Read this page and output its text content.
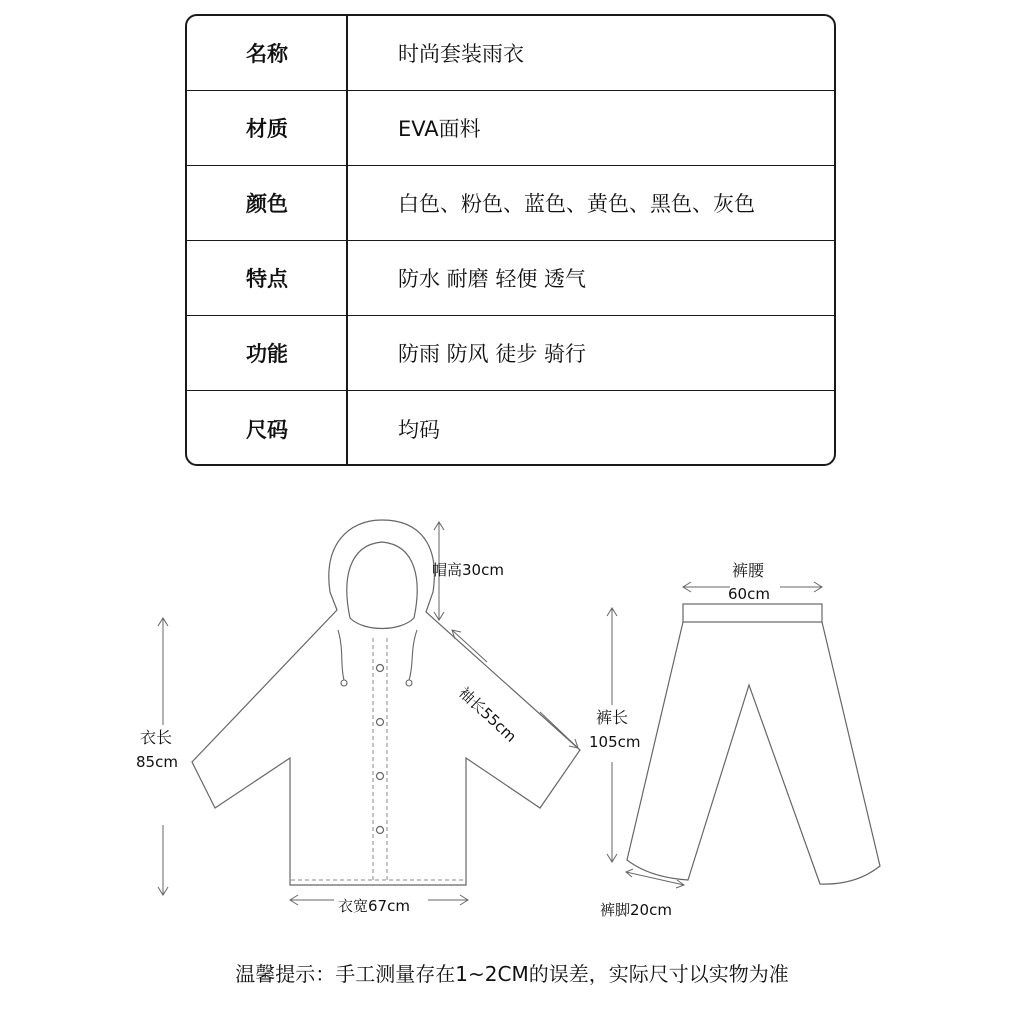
名称	时尚套装雨衣
材质	EVA面料
颜色	白色、粉色、蓝色、黄色、黑色、灰色
特点	防水 耐磨 轻便 透气
功能	防雨 防风 徒步 骑行
尺码	均码
帽高30cm
袖长55cm
衣长
85cm
衣宽67cm
裤腰
60cm
裤长
105cm
裤脚20cm
温馨提示：手工测量存在1~2CM的误差，实际尺寸以实物为准
